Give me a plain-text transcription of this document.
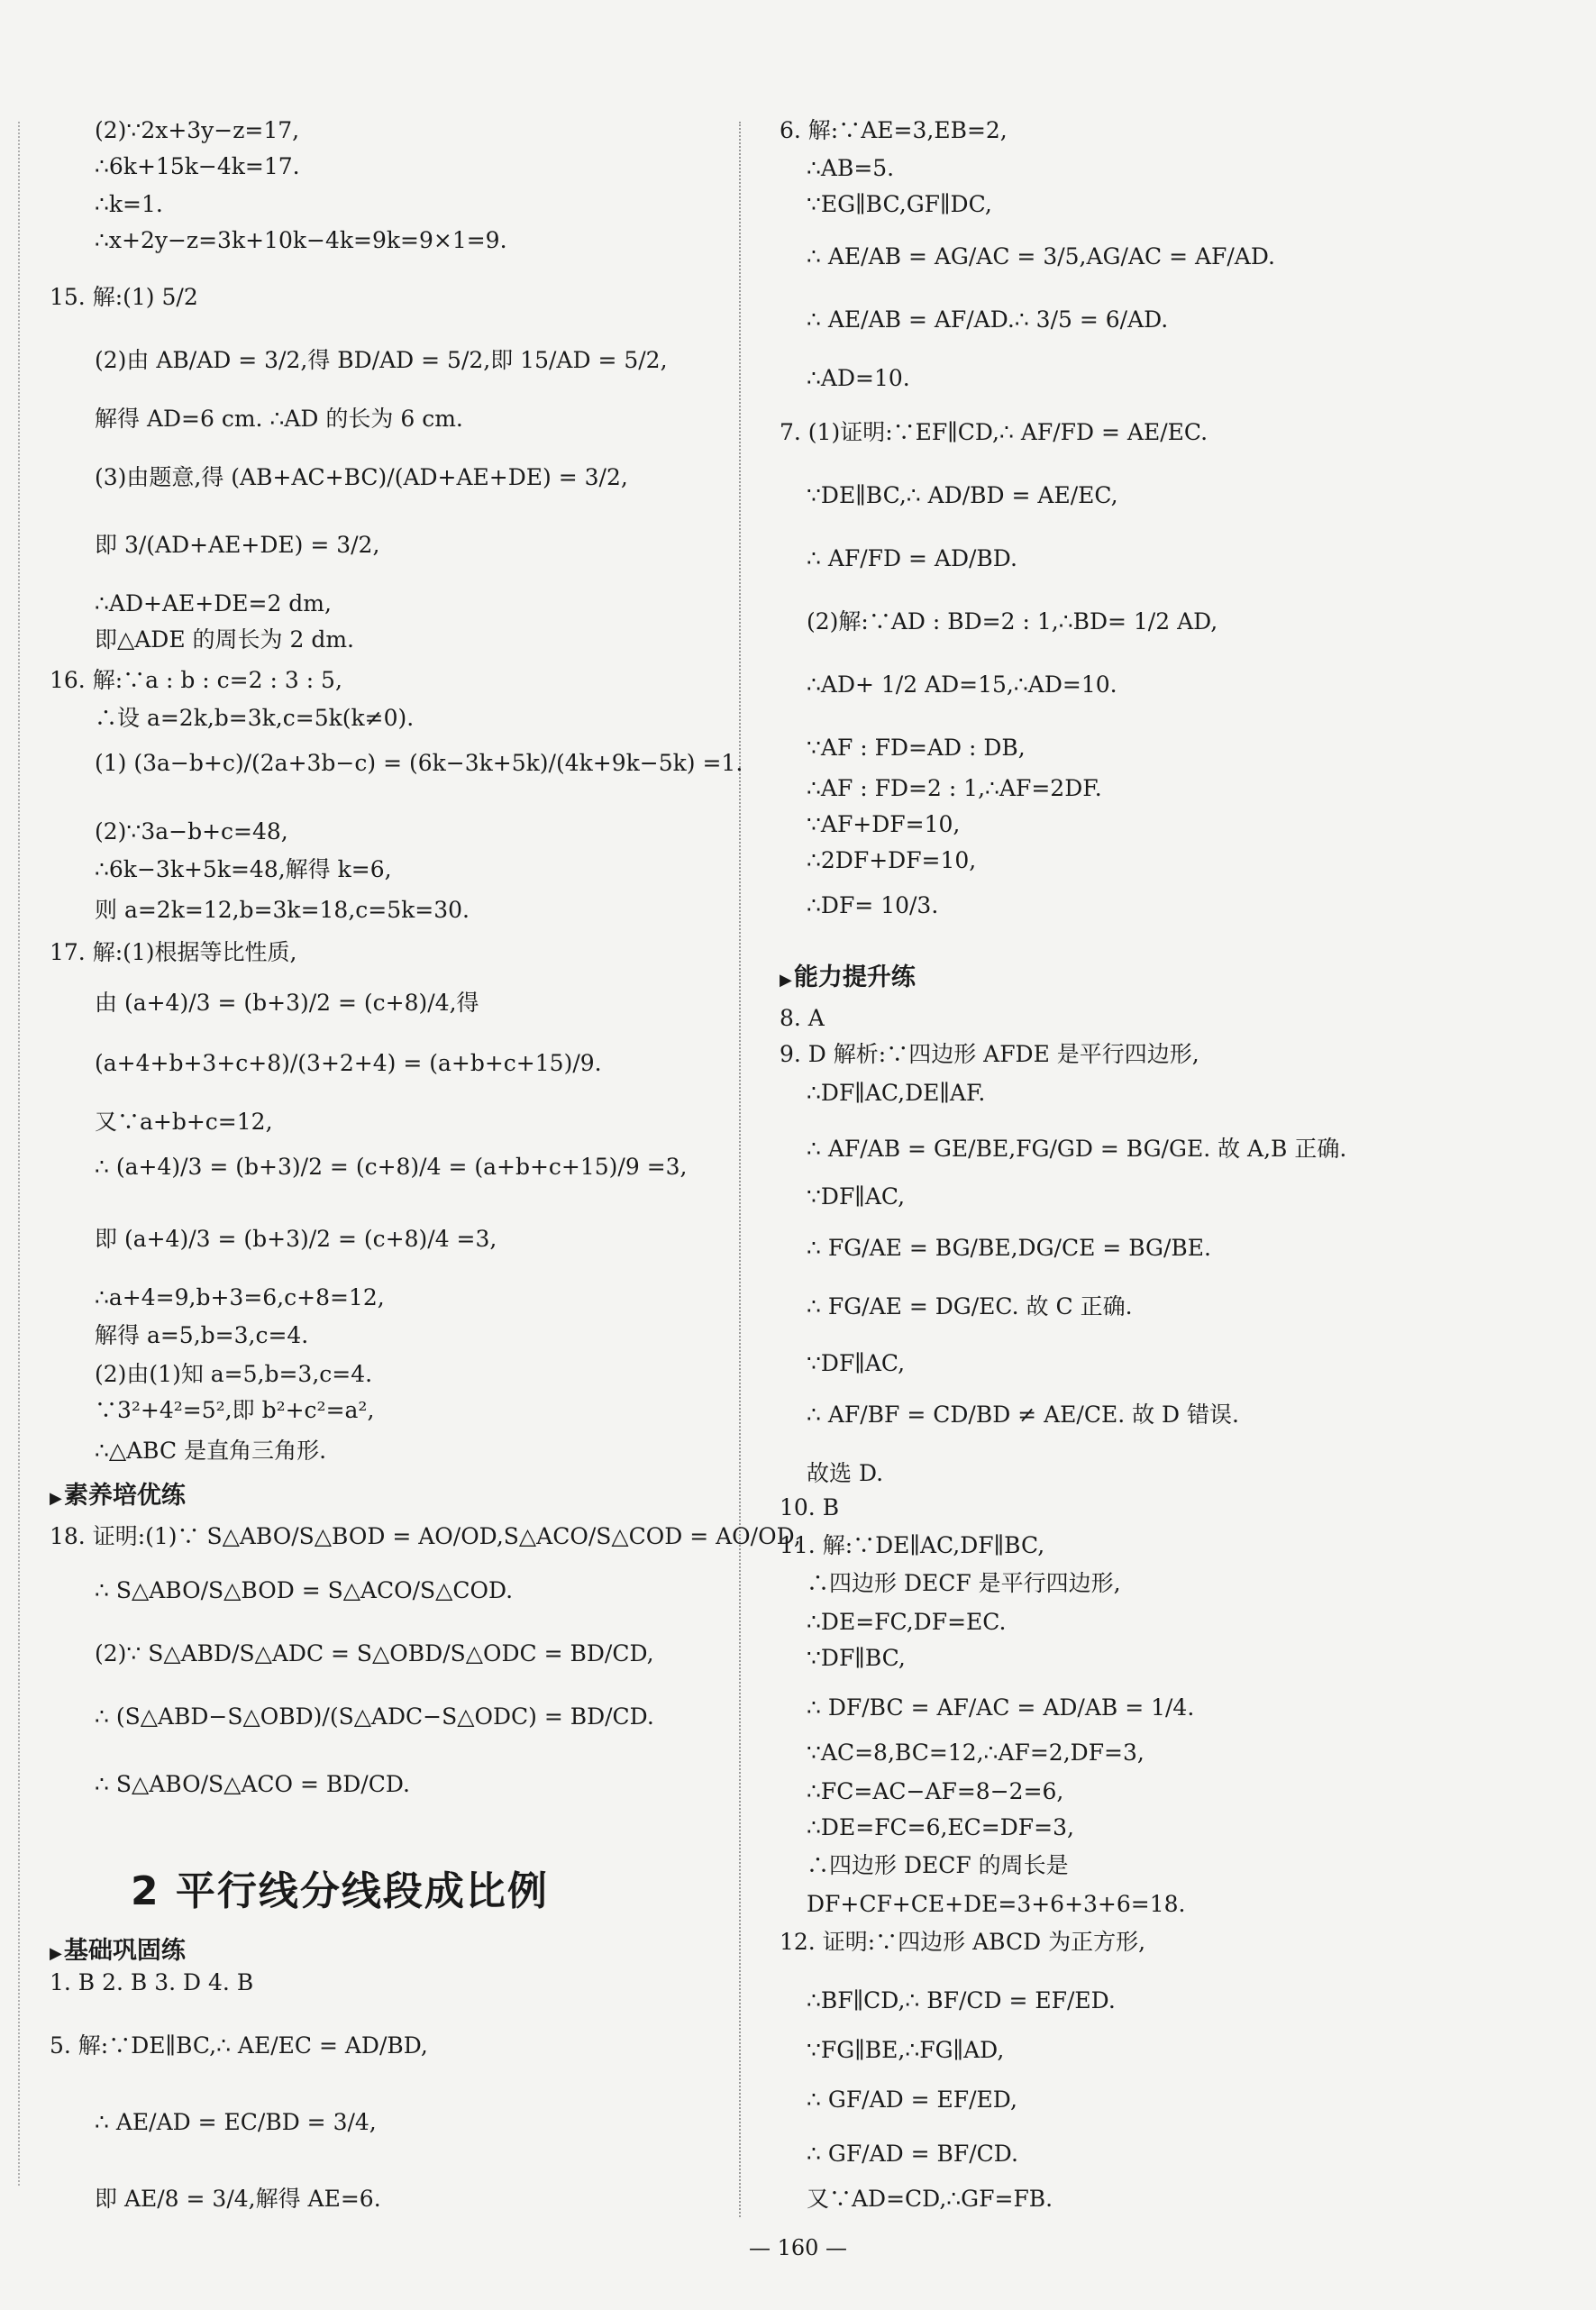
▶素养培优练
2 平行线分线段成比例
▶基础巩固练
(2)∵2x+3y−z=17,
∴6k+15k−4k=17.
∴k=1.
∴x+2y−z=3k+10k−4k=9k=9×1=9.
15. 解:(1) 5/2
(2)由 AB/AD = 3/2,得 BD/AD = 5/2,即 15/AD = 5/2,
解得 AD=6 cm. ∴AD 的长为 6 cm.
(3)由题意,得 (AB+AC+BC)/(AD+AE+DE) = 3/2,
即 3/(AD+AE+DE) = 3/2,
∴AD+AE+DE=2 dm,
即△ADE 的周长为 2 dm.
16. 解:∵a : b : c=2 : 3 : 5,
∴设 a=2k,b=3k,c=5k(k≠0).
(1) (3a−b+c)/(2a+3b−c) = (6k−3k+5k)/(4k+9k−5k) =1.
(2)∵3a−b+c=48,
∴6k−3k+5k=48,解得 k=6,
则 a=2k=12,b=3k=18,c=5k=30.
17. 解:(1)根据等比性质,
由 (a+4)/3 = (b+3)/2 = (c+8)/4,得
(a+4+b+3+c+8)/(3+2+4) = (a+b+c+15)/9.
又∵a+b+c=12,
∴ (a+4)/3 = (b+3)/2 = (c+8)/4 = (a+b+c+15)/9 =3,
即 (a+4)/3 = (b+3)/2 = (c+8)/4 =3,
∴a+4=9,b+3=6,c+8=12,
解得 a=5,b=3,c=4.
(2)由(1)知 a=5,b=3,c=4.
∵3²+4²=5²,即 b²+c²=a²,
∴△ABC 是直角三角形.
18. 证明:(1)∵ S△ABO/S△BOD = AO/OD,S△ACO/S△COD = AO/OD,
∴ S△ABO/S△BOD = S△ACO/S△COD.
(2)∵ S△ABD/S△ADC = S△OBD/S△ODC = BD/CD,
∴ (S△ABD−S△OBD)/(S△ADC−S△ODC) = BD/CD.
∴ S△ABO/S△ACO = BD/CD.
1. B 2. B 3. D 4. B
5. 解:∵DE∥BC,∴ AE/EC = AD/BD,
∴ AE/AD = EC/BD = 3/4,
即 AE/8 = 3/4,解得 AE=6.
▶能力提升练
6. 解:∵AE=3,EB=2,
∴AB=5.
∵EG∥BC,GF∥DC,
∴ AE/AB = AG/AC = 3/5,AG/AC = AF/AD.
∴ AE/AB = AF/AD.∴ 3/5 = 6/AD.
∴AD=10.
7. (1)证明:∵EF∥CD,∴ AF/FD = AE/EC.
∵DE∥BC,∴ AD/BD = AE/EC,
∴ AF/FD = AD/BD.
(2)解:∵AD : BD=2 : 1,∴BD= 1/2 AD,
∴AD+ 1/2 AD=15,∴AD=10.
∵AF : FD=AD : DB,
∴AF : FD=2 : 1,∴AF=2DF.
∵AF+DF=10,
∴2DF+DF=10,
∴DF= 10/3.
8. A
9. D 解析:∵四边形 AFDE 是平行四边形,
∴DF∥AC,DE∥AF.
∴ AF/AB = GE/BE,FG/GD = BG/GE. 故 A,B 正确.
∵DF∥AC,
∴ FG/AE = BG/BE,DG/CE = BG/BE.
∴ FG/AE = DG/EC. 故 C 正确.
∵DF∥AC,
∴ AF/BF = CD/BD ≠ AE/CE. 故 D 错误.
故选 D.
10. B
11. 解:∵DE∥AC,DF∥BC,
∴四边形 DECF 是平行四边形,
∴DE=FC,DF=EC.
∵DF∥BC,
∴ DF/BC = AF/AC = AD/AB = 1/4.
∵AC=8,BC=12,∴AF=2,DF=3,
∴FC=AC−AF=8−2=6,
∴DE=FC=6,EC=DF=3,
∴四边形 DECF 的周长是
DF+CF+CE+DE=3+6+3+6=18.
12. 证明:∵四边形 ABCD 为正方形,
∴BF∥CD,∴ BF/CD = EF/ED.
∵FG∥BE,∴FG∥AD,
∴ GF/AD = EF/ED,
∴ GF/AD = BF/CD.
又∵AD=CD,∴GF=FB.
— 160 —
